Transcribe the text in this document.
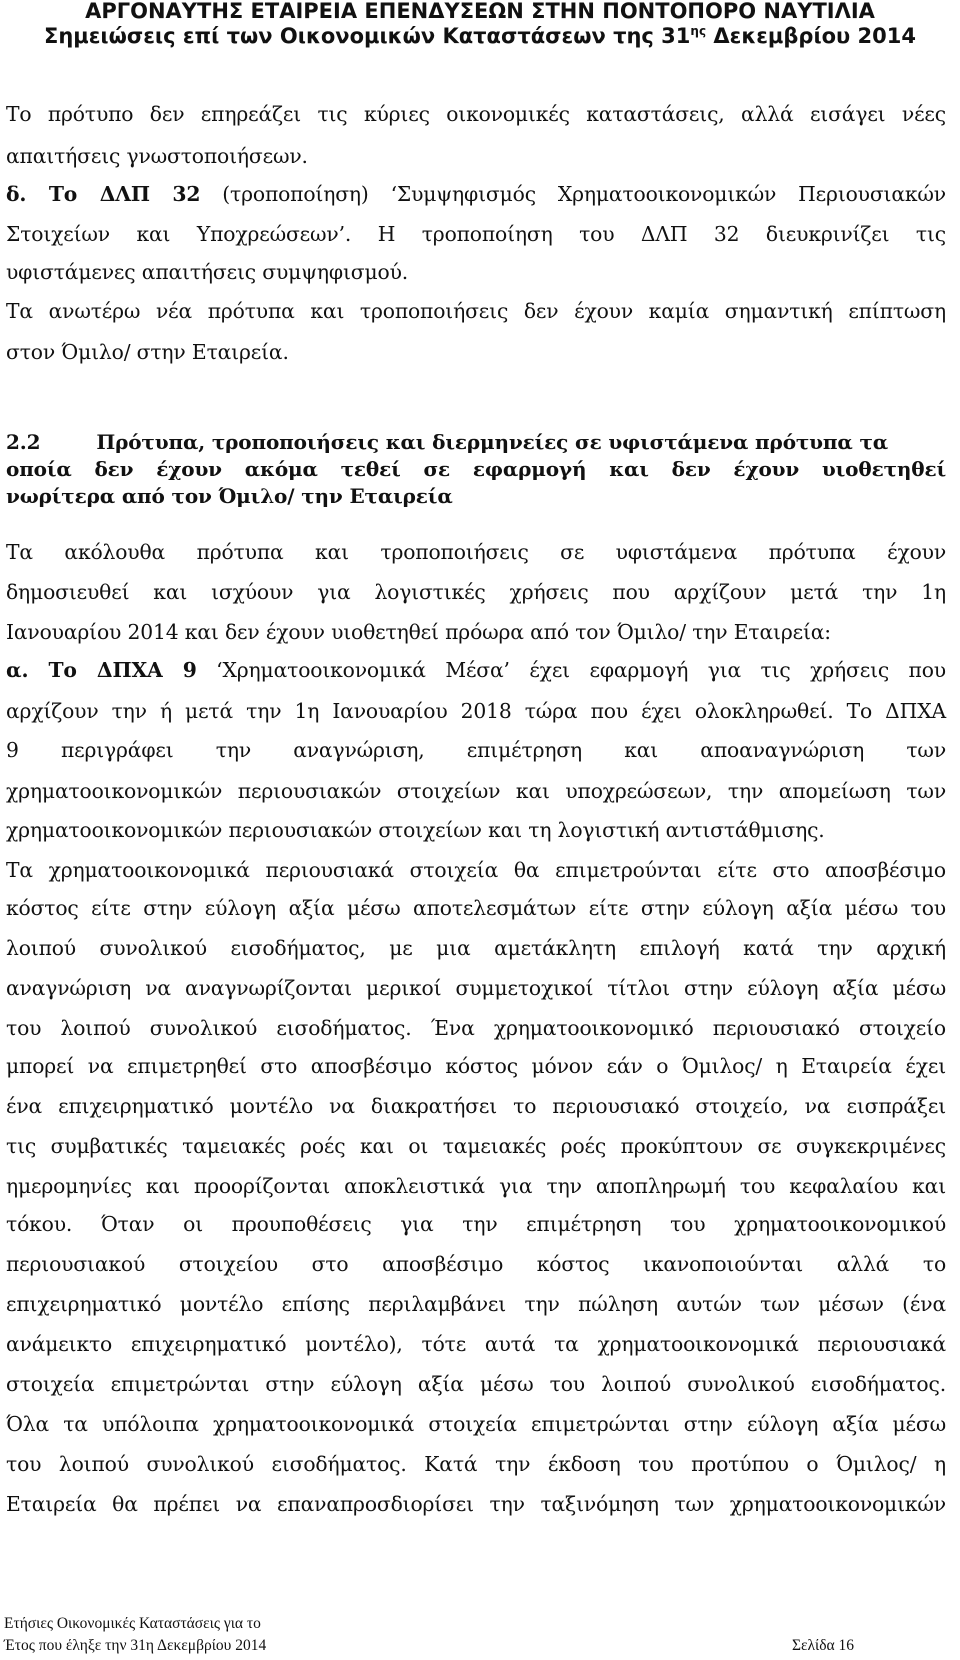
ΑΡΓΟΝΑΥΤΗΣ ΕΤΑΙΡΕΙΑ ΕΠΕΝΔΥΣΕΩΝ ΣΤΗΝ ΠΟΝΤΟΠΟΡΟ ΝΑΥΤΙΛΙΑ
Σημειώσεις επί των Οικονομικών Καταστάσεων της $31^{\eta\varsigma}$ Δεκεμβρίου 2014
Το πρότυπο δεν επηρεάζει τις κύριες οικονομικές καταστάσεις, αλλά εισάγει νέες
απαιτήσεις γνωστοποιήσεων.
δ. Το ΔΛΠ 32 (τροποποίηση) ‘Συμψηφισμός Χρηματοοικονομικών Περιουσιακών
Στοιχείων και Υποχρεώσεων’. Η τροποποίηση του ΔΛΠ 32 διευκρινίζει τις
υφιστάμενες απαιτήσεις συμψηφισμού.
Τα ανωτέρω νέα πρότυπα και τροποποιήσεις δεν έχουν καμία σημαντική επίπτωση
στον Όμιλο/ στην Εταιρεία.
2.2	Πρότυπα, τροποποιήσεις και διερμηνείες σε υφιστάμενα πρότυπα τα
οποία δεν έχουν ακόμα τεθεί σε εφαρμογή και δεν έχουν υιοθετηθεί
νωρίτερα από τον Όμιλο/ την Εταιρεία
Τα ακόλουθα πρότυπα και τροποποιήσεις σε υφιστάμενα πρότυπα έχουν
δημοσιευθεί και ισχύουν για λογιστικές χρήσεις που αρχίζουν μετά την 1η
Ιανουαρίου 2014 και δεν έχουν υιοθετηθεί πρόωρα από τον Όμιλο/ την Εταιρεία:
α. Το ΔΠΧΑ 9 ‘Χρηματοοικονομικά Μέσα’ έχει εφαρμογή για τις χρήσεις που
αρχίζουν την ή μετά την 1η Ιανουαρίου 2018 τώρα που έχει ολοκληρωθεί. Το ΔΠΧΑ
9 περιγράφει την αναγνώριση, επιμέτρηση και αποαναγνώριση των
χρηματοοικονομικών περιουσιακών στοιχείων και υποχρεώσεων, την απομείωση των
χρηματοοικονομικών περιουσιακών στοιχείων και τη λογιστική αντιστάθμισης.
Τα χρηματοοικονομικά περιουσιακά στοιχεία θα επιμετρούνται είτε στο αποσβέσιμο
κόστος είτε στην εύλογη αξία μέσω αποτελεσμάτων είτε στην εύλογη αξία μέσω του
λοιπού συνολικού εισοδήματος, με μια αμετάκλητη επιλογή κατά την αρχική
αναγνώριση να αναγνωρίζονται μερικοί συμμετοχικοί τίτλοι στην εύλογη αξία μέσω
του λοιπού συνολικού εισοδήματος. Ένα χρηματοοικονομικό περιουσιακό στοιχείο
μπορεί να επιμετρηθεί στο αποσβέσιμο κόστος μόνον εάν ο Όμιλος/ η Εταιρεία έχει
ένα επιχειρηματικό μοντέλο να διακρατήσει το περιουσιακό στοιχείο, να εισπράξει
τις συμβατικές ταμειακές ροές και οι ταμειακές ροές προκύπτουν σε συγκεκριμένες
ημερομηνίες και προορίζονται αποκλειστικά για την αποπληρωμή του κεφαλαίου και
τόκου. Όταν οι προυποθέσεις για την επιμέτρηση του χρηματοοικονομικού
περιουσιακού στοιχείου στο αποσβέσιμο κόστος ικανοποιούνται αλλά το
επιχειρηματικό μοντέλο επίσης περιλαμβάνει την πώληση αυτών των μέσων (ένα
ανάμεικτο επιχειρηματικό μοντέλο), τότε αυτά τα χρηματοοικονομικά περιουσιακά
στοιχεία επιμετρώνται στην εύλογη αξία μέσω του λοιπού συνολικού εισοδήματος.
Όλα τα υπόλοιπα χρηματοοικονομικά στοιχεία επιμετρώνται στην εύλογη αξία μέσω
του λοιπού συνολικού εισοδήματος. Κατά την έκδοση του προτύπου ο Όμιλος/ η
Εταιρεία θα πρέπει να επαναπροσδιορίσει την ταξινόμηση των χρηματοοικονομικών
Ετήσιες Οικονομικές Καταστάσεις για το
Έτος που έληξε την 31η Δεκεμβρίου 2014	Σελίδα 16
